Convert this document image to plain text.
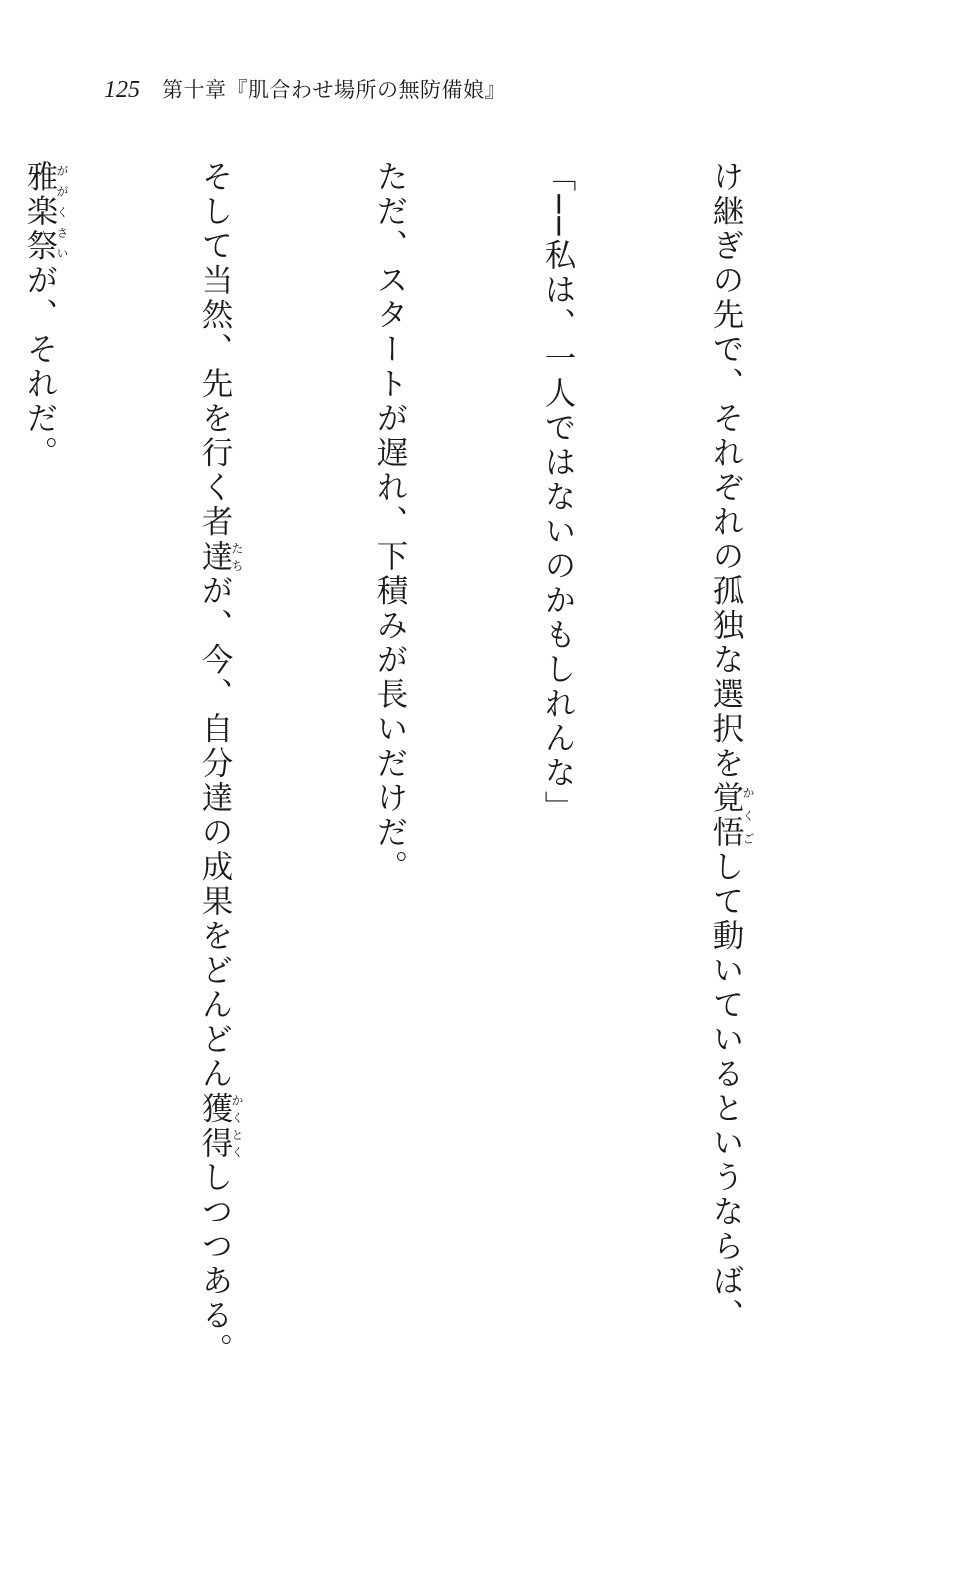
125 第十章『肌合わせ場所の無防備娘』

け継ぎの先で、それぞれの孤独な選択を覚悟かくごして動いているというならば、

「──私は、一人ではないのかもしれんな」

ただ、スタートが遅れ、下積みが長いだけだ。

そして当然、先を行く者達たちが、今、自分達の成果をどんどん獲得かくとくしつつある。

雅楽祭ががくさいが、それだ。
